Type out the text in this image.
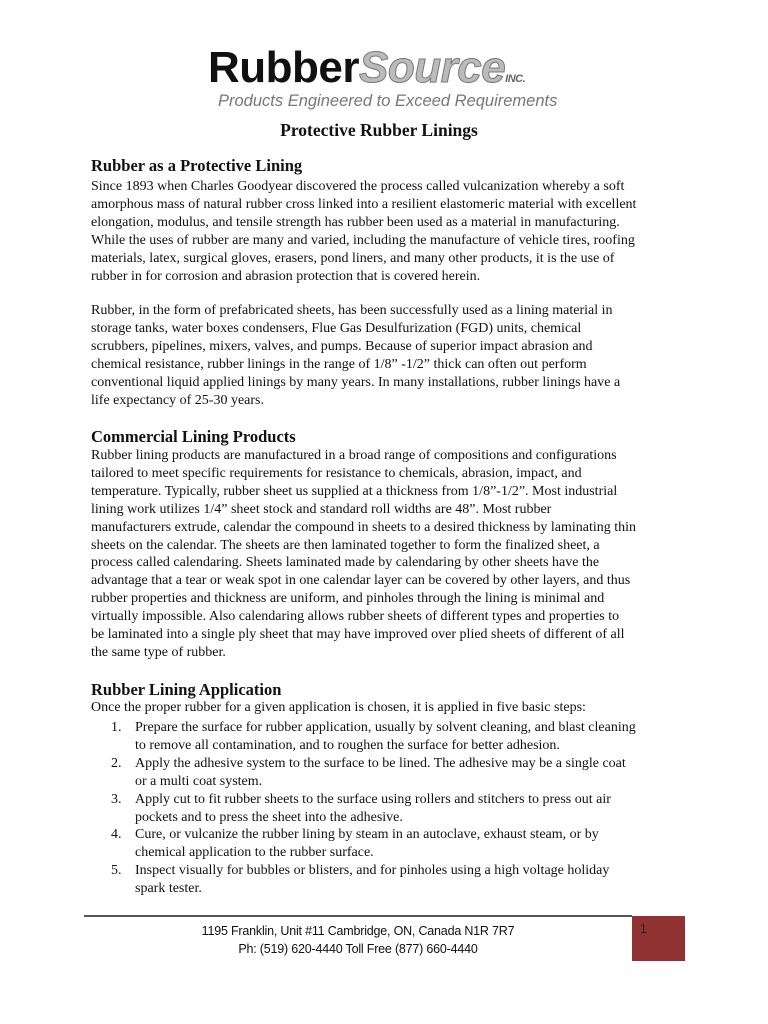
RubberSourceINC.
Products Engineered to Exceed Requirements
Protective Rubber Linings
Rubber as a Protective Lining
Since 1893 when Charles Goodyear discovered the process called vulcanization whereby a soft
amorphous mass of natural rubber cross linked into a resilient elastomeric material with excellent
elongation, modulus, and tensile strength has rubber been used as a material in manufacturing.
While the uses of rubber are many and varied, including the manufacture of vehicle tires, roofing
materials, latex, surgical gloves, erasers, pond liners, and many other products, it is the use of
rubber in for corrosion and abrasion protection that is covered herein.
Rubber, in the form of prefabricated sheets, has been successfully used as a lining material in
storage tanks, water boxes condensers, Flue Gas Desulfurization (FGD) units, chemical
scrubbers, pipelines, mixers, valves, and pumps. Because of superior impact abrasion and
chemical resistance, rubber linings in the range of 1/8” -1/2” thick can often out perform
conventional liquid applied linings by many years. In many installations, rubber linings have a
life expectancy of 25-30 years.
Commercial Lining Products
Rubber lining products are manufactured in a broad range of compositions and configurations
tailored to meet specific requirements for resistance to chemicals, abrasion, impact, and
temperature. Typically, rubber sheet us supplied at a thickness from 1/8”-1/2”. Most industrial
lining work utilizes 1/4” sheet stock and standard roll widths are 48”. Most rubber
manufacturers extrude, calendar the compound in sheets to a desired thickness by laminating thin
sheets on the calendar. The sheets are then laminated together to form the finalized sheet, a
process called calendaring. Sheets laminated made by calendaring by other sheets have the
advantage that a tear or weak spot in one calendar layer can be covered by other layers, and thus
rubber properties and thickness are uniform, and pinholes through the lining is minimal and
virtually impossible. Also calendaring allows rubber sheets of different types and properties to
be laminated into a single ply sheet that may have improved over plied sheets of different of all
the same type of rubber.
Rubber Lining Application
Once the proper rubber for a given application is chosen, it is applied in five basic steps:
1. Prepare the surface for rubber application, usually by solvent cleaning, and blast cleaning
to remove all contamination, and to roughen the surface for better adhesion.
2. Apply the adhesive system to the surface to be lined. The adhesive may be a single coat
or a multi coat system.
3. Apply cut to fit rubber sheets to the surface using rollers and stitchers to press out air
pockets and to press the sheet into the adhesive.
4. Cure, or vulcanize the rubber lining by steam in an autoclave, exhaust steam, or by
chemical application to the rubber surface.
5. Inspect visually for bubbles or blisters, and for pinholes using a high voltage holiday
spark tester.
1195 Franklin, Unit #11 Cambridge, ON, Canada N1R 7R7
Ph: (519) 620-4440 Toll Free (877) 660-4440
1
